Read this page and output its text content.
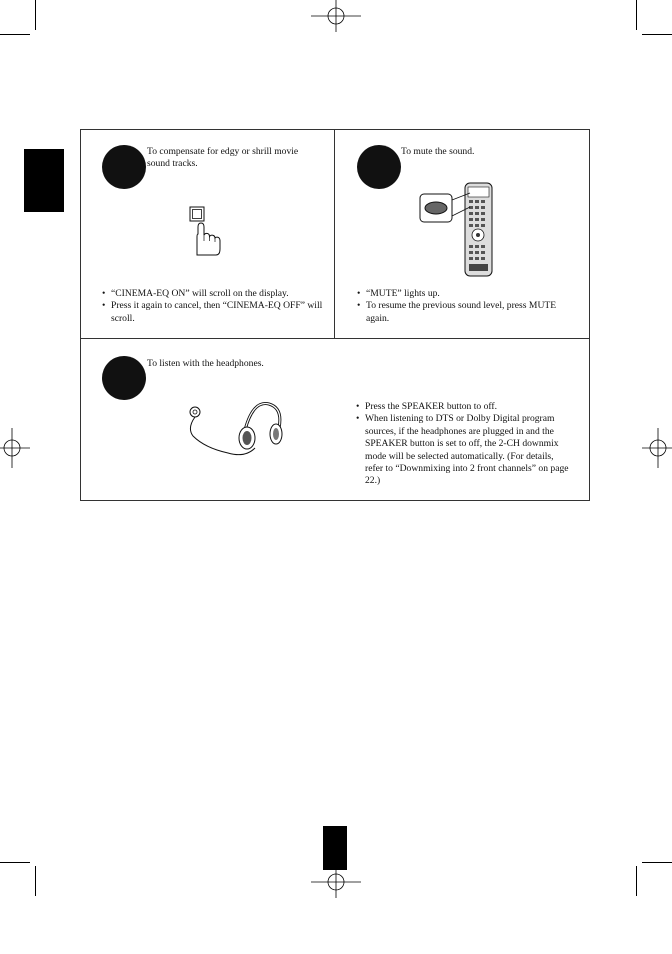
To compensate for edgy or shrill movie sound tracks.
• “CINEMA-EQ ON” will scroll on the display.
• Press it again to cancel, then “CINEMA-EQ OFF” will scroll.
To mute the sound.
• “MUTE” lights up.
• To resume the previous sound level, press MUTE again.
To listen with the headphones.
• Press the SPEAKER button to off.
• When listening to DTS or Dolby Digital program sources, if the headphones are plugged in and the SPEAKER button is set to off, the 2-CH downmix mode will be selected automatically. (For details, refer to “Downmixing into 2 front channels” on page 22.)
